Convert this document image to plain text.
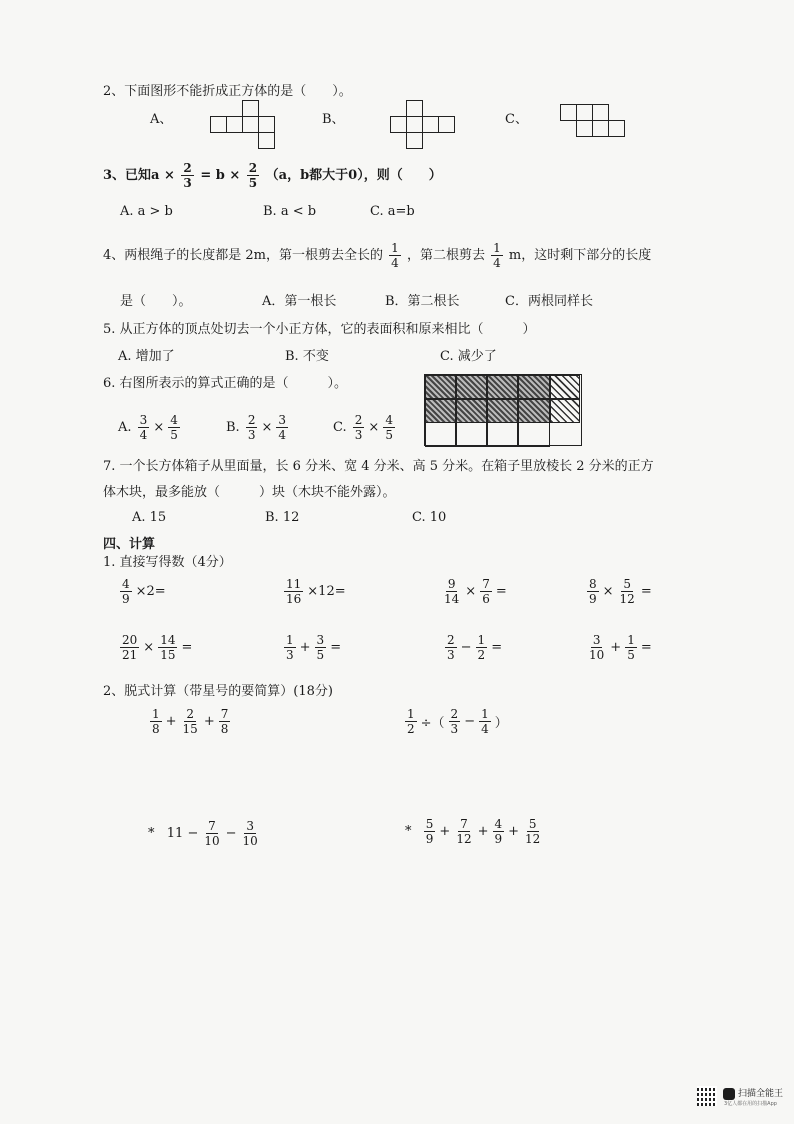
2、下面图形不能折成正方体的是（　　）。
A、	B、	C、
3、已知$a \times \frac{2}{3} = b \times \frac{2}{5} (a$，b都大于0），则（　　）
A. a > b	B. a < b	C. a=b
4、两根绳子的长度都是 2m，第一根剪去全长的 $\frac{1}{4}$ ，第二根剪去 $\frac{1}{4}$ m，这时剩下部分的长度
是（　　）。	A．第一根长	B．第二根长	C．两根同样长
5. 从正方体的顶点处切去一个小正方体，它的表面积和原来相比（　　　）
A. 增加了	B. 不变	C. 减少了
6. 右图所表示的算式正确的是（　　　）。
A. $\frac{3}{4} \times \frac{4}{5}$	B. $\frac{2}{3} \times \frac{3}{4}$	C. $\frac{2}{3} \times \frac{4}{5}$
7. 一个长方体箱子从里面量，长 6 分米、宽 4 分米、高 5 分米。在箱子里放棱长 2 分米的正方
体木块，最多能放（　　　）块（木块不能外露）。
A. 15	B. 12	C. 10
四、计算
1. 直接写得数（4分）
$\frac{4}{9} \times 2=$	$\frac{11}{16} \times 12=$	$\frac{9}{14} \times \frac{7}{6}$ =	$\frac{8}{9} \times \frac{5}{12}$ =
$\frac{20}{21} \times \frac{14}{15}$ =	$\frac{1}{3} + \frac{3}{5}$ =	$\frac{2}{3} - \frac{1}{2}$ =	$\frac{3}{10} + \frac{1}{5}$ =
2、脱式计算（带星号的要简算）(18分)
$\frac{1}{8} + \frac{2}{15} + \frac{7}{8}$	$\frac{1}{2}$ ÷（ $\frac{2}{3} - \frac{1}{4}$ ）
* $11 - \frac{7}{10} - \frac{3}{10}$	* $\frac{5}{9} + \frac{7}{12} + \frac{4}{9} + \frac{5}{12}$
扫描全能王
3亿人都在用的扫描App
